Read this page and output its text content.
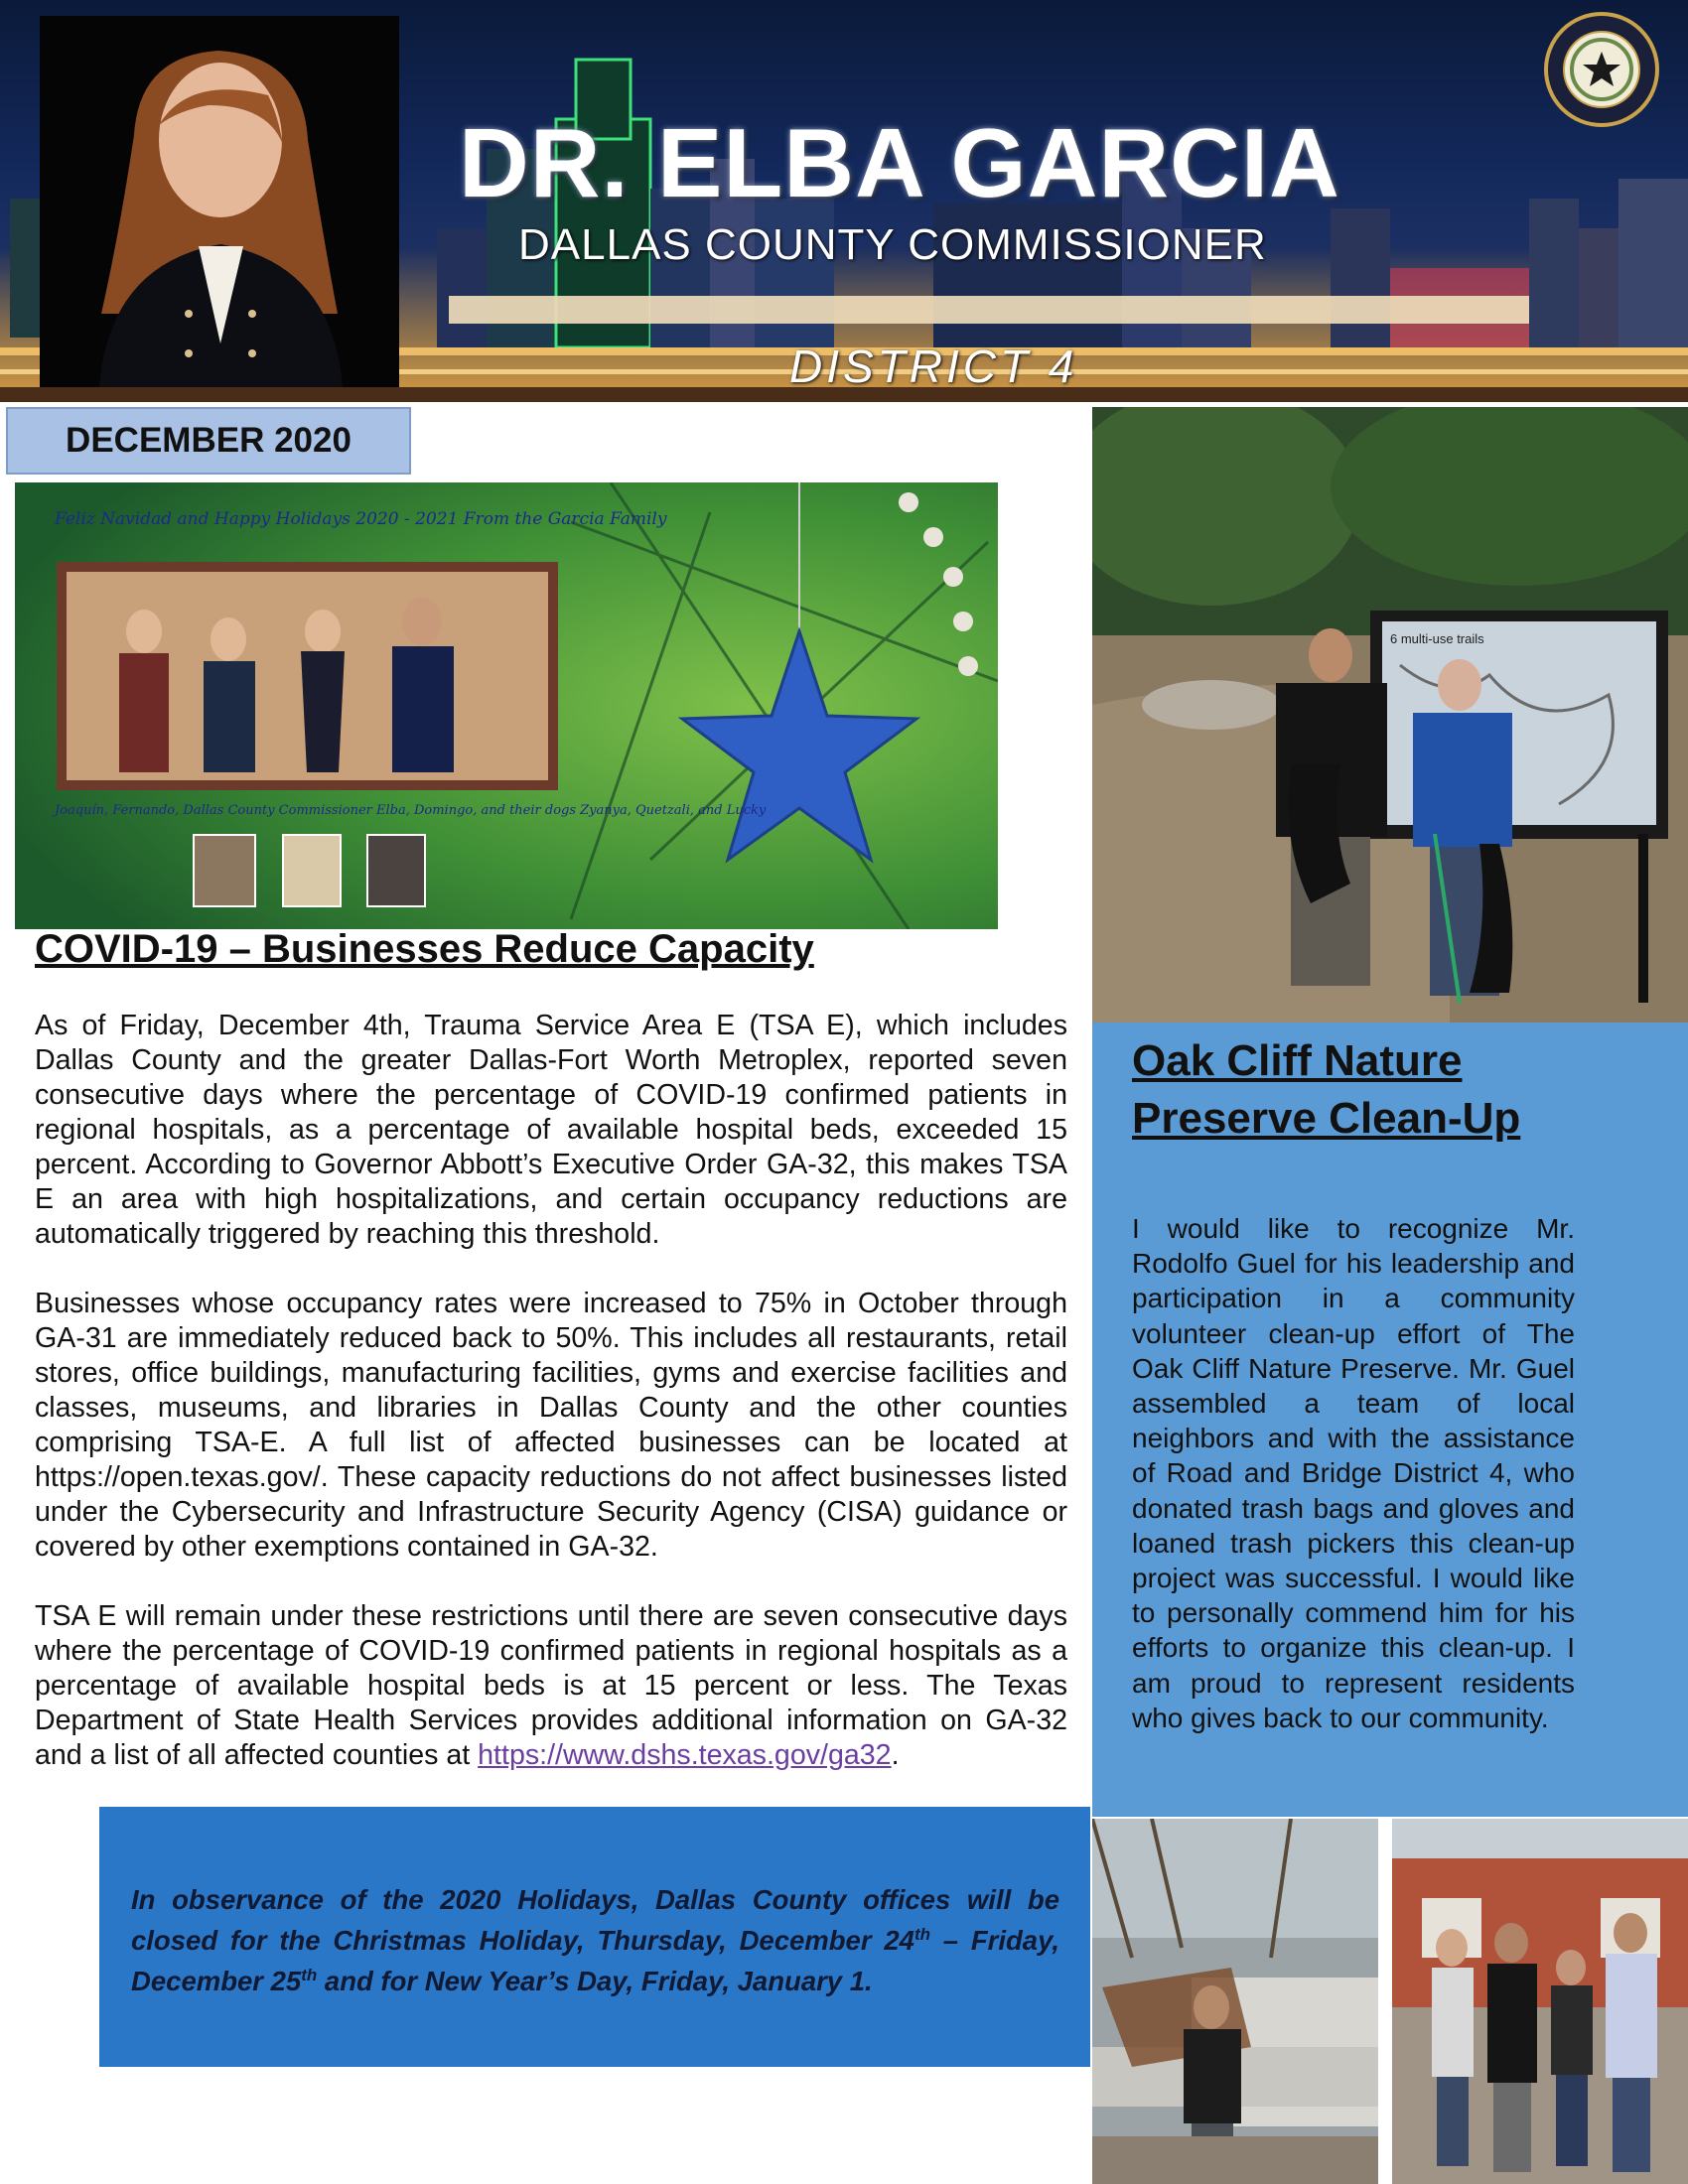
DR. ELBA GARCIA
DALLAS COUNTY COMMISSIONER
DISTRICT 4
DECEMBER 2020
Feliz Navidad and Happy Holidays 2020 - 2021 From the Garcia Family
Joaquín, Fernando, Dallas County Commissioner Elba, Domingo, and their dogs Zyanya, Quetzali, and Lucky
COVID-19 – Businesses Reduce Capacity

As of Friday, December 4th, Trauma Service Area E (TSA E), which includes Dallas County and the greater Dallas-Fort Worth Metroplex, reported seven consecutive days where the percentage of COVID-19 confirmed patients in regional hospitals, as a percentage of available hospital beds, exceeded 15 percent. According to Governor Abbott’s Executive Order GA-32, this makes TSA E an area with high hospitalizations, and certain occupancy reductions are automatically triggered by reaching this threshold.

Businesses whose occupancy rates were increased to 75% in October through GA-31 are immediately reduced back to 50%. This includes all restaurants, retail stores, office buildings, manufacturing facilities, gyms and exercise facilities and classes, museums, and libraries in Dallas County and the other counties comprising TSA-E. A full list of affected businesses can be located at https://open.texas.gov/. These capacity reductions do not affect businesses listed under the Cybersecurity and Infrastructure Security Agency (CISA) guidance or covered by other exemptions contained in GA-32.

TSA E will remain under these restrictions until there are seven consecutive days where the percentage of COVID-19 confirmed patients in regional hospitals as a percentage of available hospital beds is at 15 percent or less. The Texas Department of State Health Services provides additional information on GA-32 and a list of all affected counties at https://www.dshs.texas.gov/ga32.

In observance of the 2020 Holidays, Dallas County offices will be closed for the Christmas Holiday, Thursday, December 24th – Friday, December 25th and for New Year’s Day, Friday, January 1.
6 multi-use trails
Oak Cliff Nature Preserve Clean-Up
I would like to recognize Mr. Rodolfo Guel for his leadership and participation in a community volunteer clean-up effort of The Oak Cliff Nature Preserve. Mr. Guel assembled a team of local neighbors and with the assistance of Road and Bridge District 4, who donated trash bags and gloves and loaned trash pickers this clean-up project was successful. I would like to personally commend him for his efforts to organize this clean-up. I am proud to represent residents who gives back to our community.
